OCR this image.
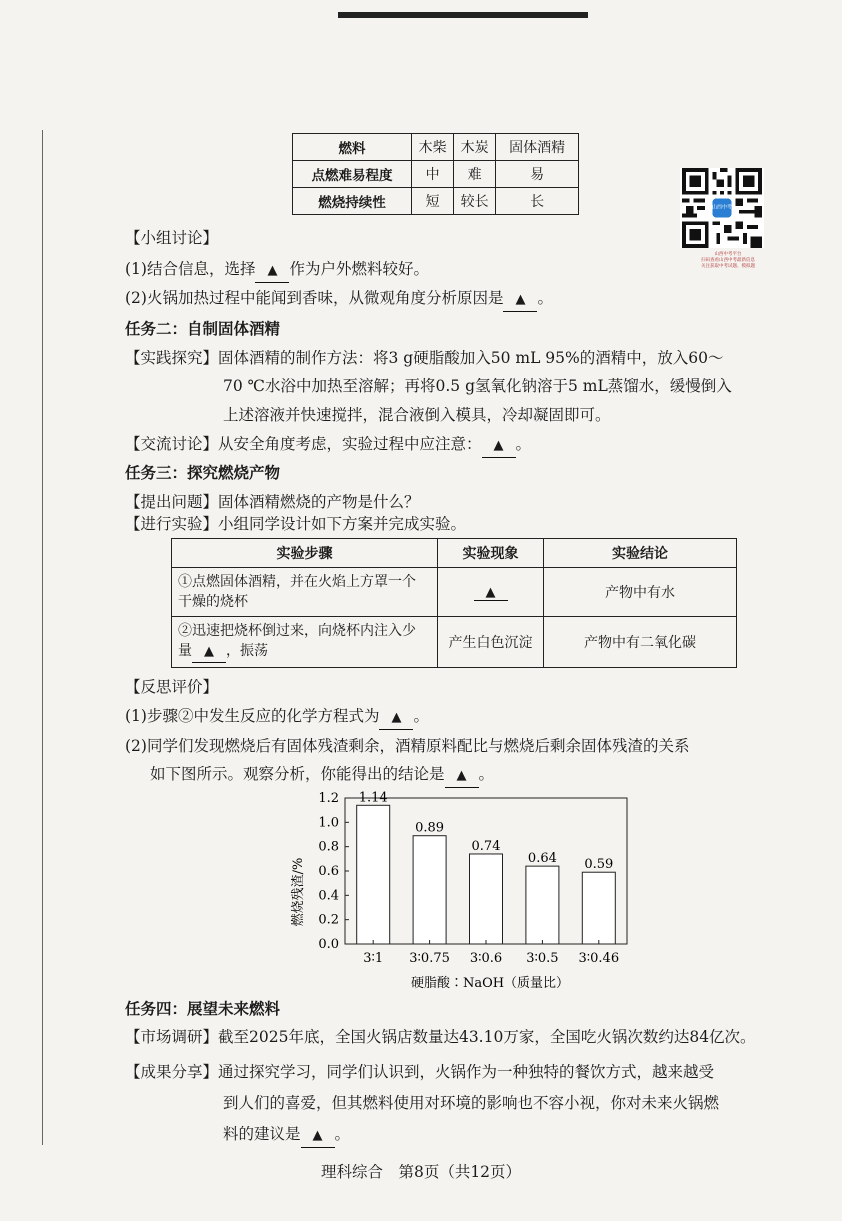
燃料	木柴	木炭	固体酒精
点燃难易程度	中	难	易
燃烧持续性	短	较长	长	山西中考
山西中考平台
扫码查看山西中考最新信息
关注获取中考试题、模拟题
【小组讨论】
(1)结合信息，选择 ▲ 作为户外燃料较好。
(2)火锅加热过程中能闻到香味，从微观角度分析原因是 ▲ 。
任务二：自制固体酒精
【实践探究】固体酒精的制作方法：将3 g硬脂酸加入50 mL 95%的酒精中，放入60～
70 ℃水浴中加热至溶解；再将0.5 g氢氧化钠溶于5 mL蒸馏水，缓慢倒入
上述溶液并快速搅拌，混合液倒入模具，冷却凝固即可。
【交流讨论】从安全角度考虑，实验过程中应注意： ▲ 。
任务三：探究燃烧产物
【提出问题】固体酒精燃烧的产物是什么？
【进行实验】小组同学设计如下方案并完成实验。
实验步骤	实验现象	实验结论

①点燃固体酒精，并在火焰上方罩一个
干燥的烧杯	▲	产物中有水

②迅速把烧杯倒过来，向烧杯内注入少
量 ▲ ，振荡	产生白色沉淀	产物中有二氧化碳
【反思评价】
(1)步骤②中发生反应的化学方程式为 ▲ 。
(2)同学们发现燃烧后有固体残渣剩余，酒精原料配比与燃烧后剩余固体残渣的关系
如下图所示。观察分析，你能得出的结论是 ▲ 。
0.0
0.2
0.4
0.6
0.8
1.0
1.2 1.14
0.89
0.74
0.64 0.59
3∶1 3∶0.75 3∶0.6 3∶0.5 3∶0.46
燃烧残渣/%
硬脂酸∶NaOH（质量比）
任务四：展望未来燃料
【市场调研】截至2025年底，全国火锅店数量达43.10万家，全国吃火锅次数约达84亿次。
【成果分享】通过探究学习，同学们认识到，火锅作为一种独特的餐饮方式，越来越受
到人们的喜爱，但其燃料使用对环境的影响也不容小视，你对未来火锅燃
料的建议是 ▲ 。
理科综合　第8页（共12页）
